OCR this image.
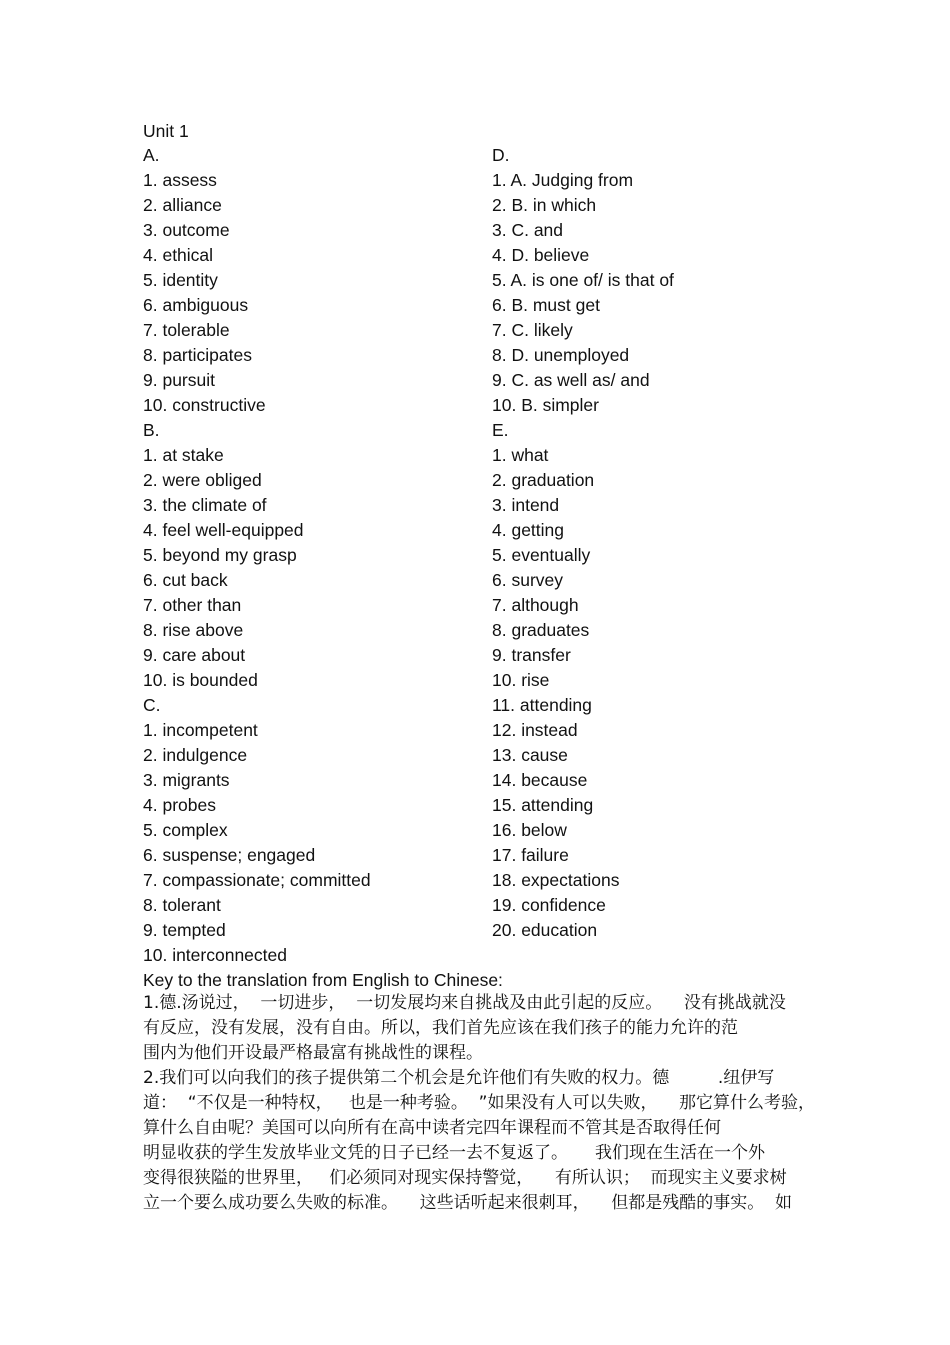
Unit 1
A.
1. assess
2. alliance
3. outcome
4. ethical
5. identity
6. ambiguous
7. tolerable
8. participates
9. pursuit
10. constructive
B.
1. at stake
2. were obliged
3. the climate of
4. feel well-equipped
5. beyond my grasp
6. cut back
7. other than
8. rise above
9. care about
10. is bounded
C.
1. incompetent
2. indulgence
3. migrants
4. probes
5. complex
6. suspense; engaged
7. compassionate; committed
8. tolerant
9. tempted
10. interconnected
Key to the translation from English to Chinese:
D.
1. A. Judging from
2. B. in which
3. C. and
4. D. believe
5. A. is one of/ is that of
6. B. must get
7. C. likely
8. D. unemployed
9. C. as well as/ and
10. B. simpler
E.
1. what
2. graduation
3. intend
4. getting
5. eventually
6. survey
7. although
8. graduates
9. transfer
10. rise
11. attending
12. instead
13. cause
14. because
15. attending
16. below
17. failure
18. expectations
19. confidence
20. education
1.德.汤说过，  一切进步，  一切发展均来自挑战及由此引起的反应。    没有挑战就没
有反应，没有发展，没有自由。所以，我们首先应该在我们孩子的能力允许的范
围内为他们开设最严格最富有挑战性的课程。
2.我们可以向我们的孩子提供第二个机会是允许他们有失败的权力。德         .纽伊写
道：  “不仅是一种特权，   也是一种考验。  ”如果没有人可以失败，    那它算什么考验，
算什么自由呢？美国可以向所有在高中读者完四年课程而不管其是否取得任何
明显收获的学生发放毕业文凭的日子已经一去不复返了。     我们现在生活在一个外
变得很狭隘的世界里，   们必须同对现实保持警觉，    有所认识；  而现实主义要求树
立一个要么成功要么失败的标准。    这些话听起来很刺耳，    但都是残酷的事实。  如
